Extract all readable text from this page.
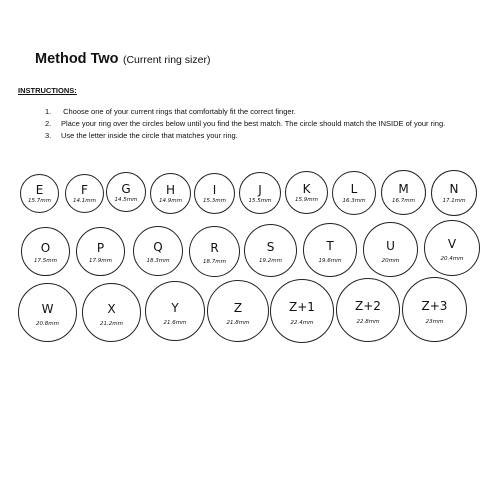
Method Two (Current ring sizer)
INSTRUCTIONS:
1. Choose one of your current rings that comfortably fit the correct finger.
2. Place your ring over the circles below until you find the best match. The circle should match the INSIDE of your ring.
3. Use the letter inside the circle that matches your ring.
E
15.7mm
F
14.1mm
G
14.5mm
H
14.9mm
I
15.3mm
J
15.5mm
K
15.9mm
L
16.3mm
M
16.7mm
N
17.1mm
O
17.5mm
P
17.9mm
Q
18.3mm
R
18.7mm
S
19.2mm
T
19.6mm
U
20mm
V
20.4mm
W
20.8mm
X
21.2mm
Y
21.6mm
Z
21.8mm
Z+1
22.4mm
Z+2
22.8mm
Z+3
23mm
